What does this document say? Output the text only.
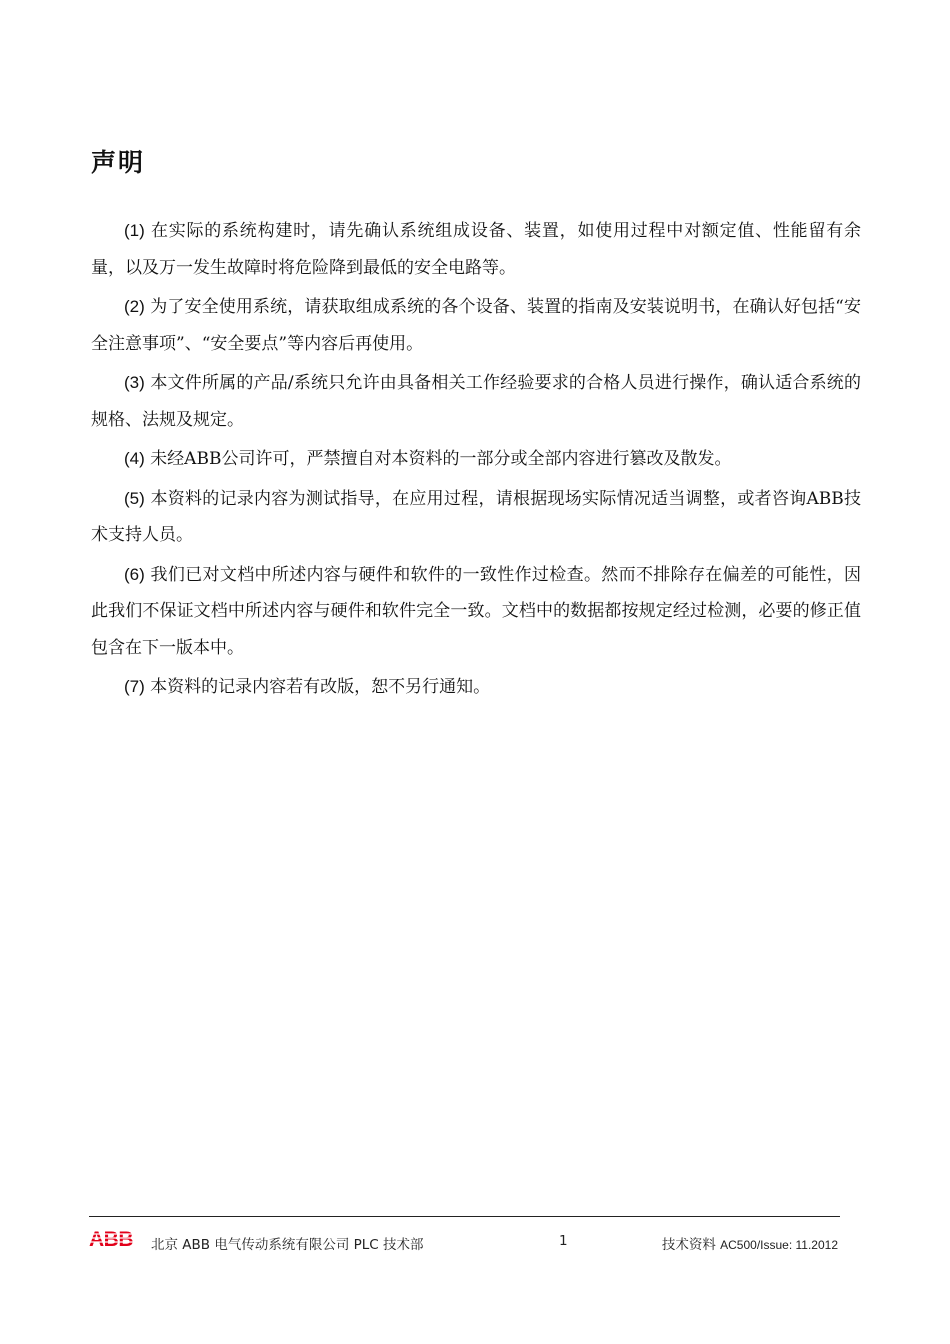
声明

(1) 在实际的系统构建时，请先确认系统组成设备、装置，如使用过程中对额定值、性能留有余量，以及万一发生故障时将危险降到最低的安全电路等。

(2) 为了安全使用系统，请获取组成系统的各个设备、装置的指南及安装说明书，在确认好包括“安全注意事项”、“安全要点”等内容后再使用。

(3) 本文件所属的产品/系统只允许由具备相关工作经验要求的合格人员进行操作，确认适合系统的规格、法规及规定。

(4) 未经ABB公司许可，严禁擅自对本资料的一部分或全部内容进行篡改及散发。

(5) 本资料的记录内容为测试指导，在应用过程，请根据现场实际情况适当调整，或者咨询ABB技术支持人员。

(6) 我们已对文档中所述内容与硬件和软件的一致性作过检查。然而不排除存在偏差的可能性，因此我们不保证文档中所述内容与硬件和软件完全一致。文档中的数据都按规定经过检测，必要的修正值包含在下一版本中。

(7) 本资料的记录内容若有改版，恕不另行通知。

ABB 北京 ABB 电气传动系统有限公司 PLC 技术部	1	技术资料 AC500/Issue: 11.2012
